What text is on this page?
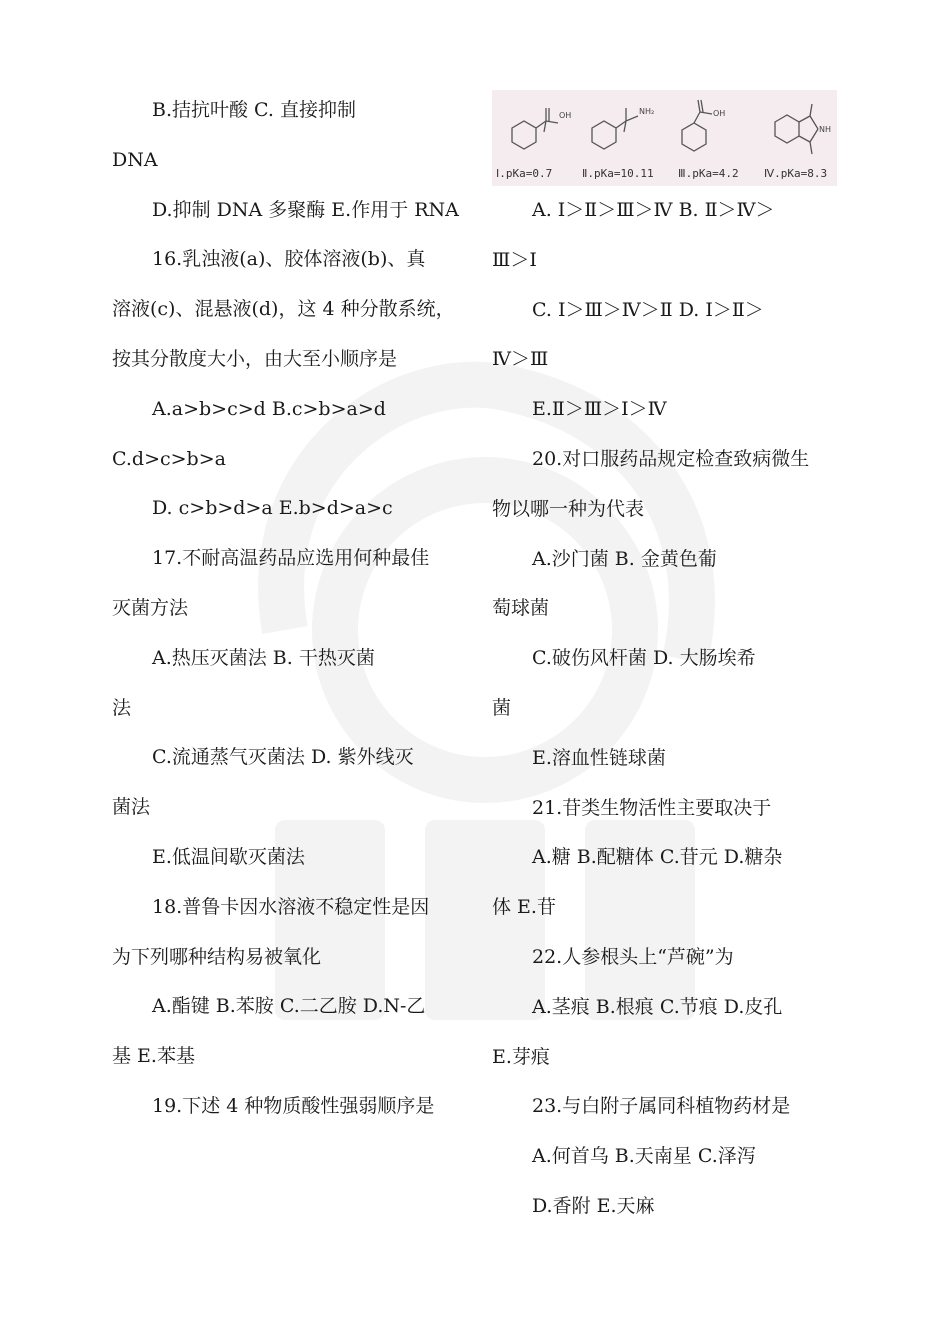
B.拮抗叶酸 C. 直接抑制
DNA
D.抑制 DNA 多聚酶 E.作用于 RNA
16.乳浊液(a)、胶体溶液(b)、真
溶液(c)、混悬液(d)，这 4 种分散系统，
按其分散度大小，由大至小顺序是
A.a>b>c>d B.c>b>a>d
C.d>c>b>a
D. c>b>d>a E.b>d>a>c
17.不耐高温药品应选用何种最佳
灭菌方法
A.热压灭菌法 B. 干热灭菌
法
C.流通蒸气灭菌法 D. 紫外线灭
菌法
E.低温间歇灭菌法
18.普鲁卡因水溶液不稳定性是因
为下列哪种结构易被氧化
A.酯键 B.苯胺 C.二乙胺 D.N-乙
基 E.苯基
19.下述 4 种物质酸性强弱顺序是
OH	NH₂	OH
NH
Ⅰ.pKa=0.7	Ⅱ.pKa=10.11 Ⅲ.pKa=4.2 Ⅳ.pKa=8.3
A. Ⅰ＞Ⅱ＞Ⅲ＞Ⅳ B. Ⅱ＞Ⅳ＞
Ⅲ＞Ⅰ
C. Ⅰ＞Ⅲ＞Ⅳ＞Ⅱ D. Ⅰ＞Ⅱ＞
Ⅳ＞Ⅲ
E.Ⅱ＞Ⅲ＞Ⅰ＞Ⅳ
20.对口服药品规定检查致病微生
物以哪一种为代表
A.沙门菌 B. 金黄色葡
萄球菌
C.破伤风杆菌 D. 大肠埃希
菌
E.溶血性链球菌
21.苷类生物活性主要取决于
A.糖 B.配糖体 C.苷元 D.糖杂
体 E.苷
22.人参根头上“芦碗”为
A.茎痕 B.根痕 C.节痕 D.皮孔
E.芽痕
23.与白附子属同科植物药材是
A.何首乌 B.天南星 C.泽泻
D.香附 E.天麻
